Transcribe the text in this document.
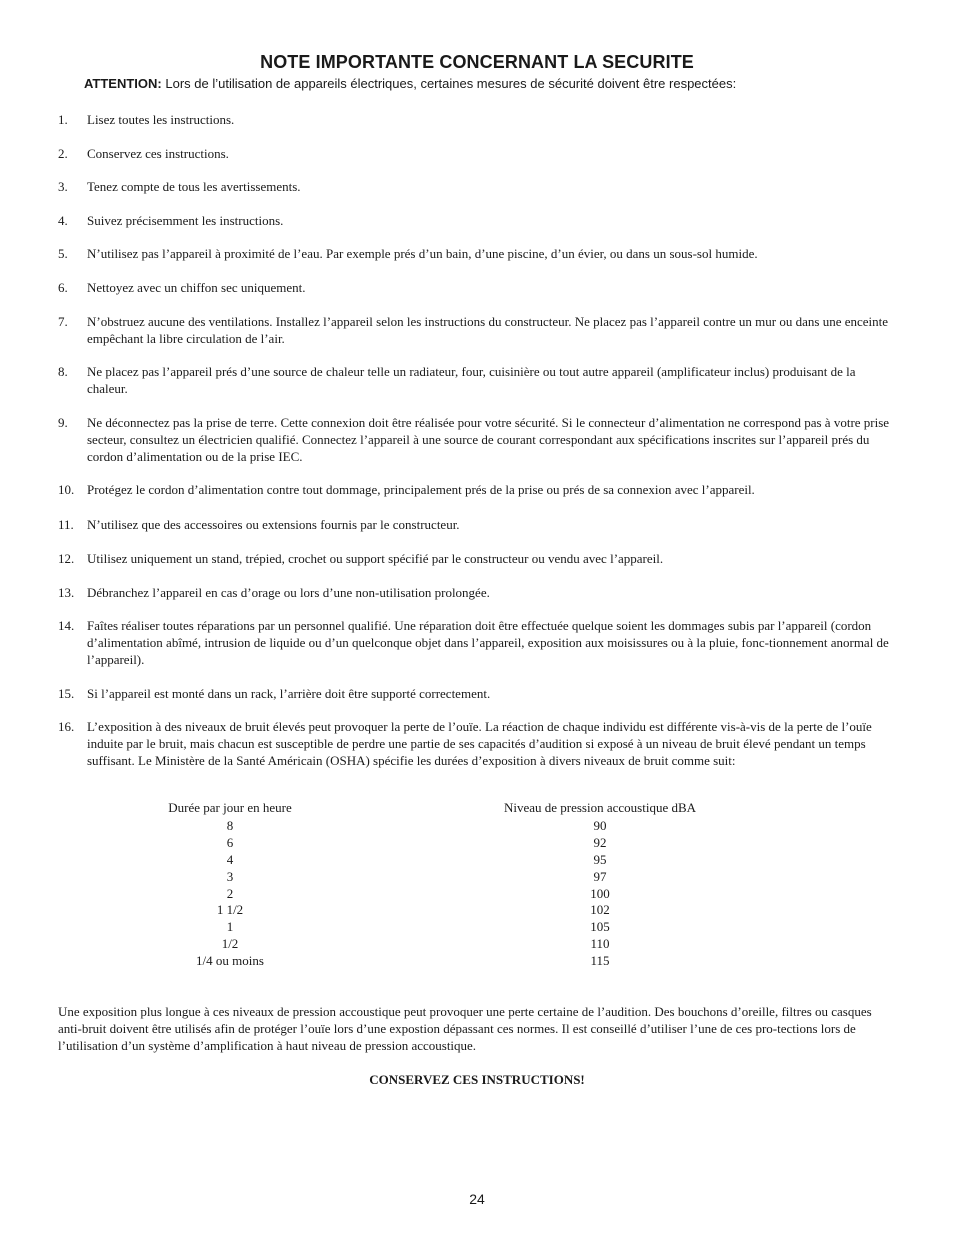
NOTE IMPORTANTE CONCERNANT LA SECURITE
ATTENTION: Lors de l’utilisation de appareils électriques, certaines mesures de sécurité doivent être respectées:
1. Lisez toutes les instructions.
2. Conservez ces instructions.
3. Tenez compte de tous les avertissements.
4. Suivez précisemment les instructions.
5. N’utilisez pas l’appareil à proximité de l’eau. Par exemple prés d’un bain, d’une piscine, d’un évier, ou dans un sous-sol humide.
6. Nettoyez avec un chiffon sec uniquement.
7. N’obstruez aucune des ventilations. Installez l’appareil selon les instructions du constructeur. Ne placez pas l’appareil contre un mur ou dans une enceinte empêchant la libre circulation de l’air.
8. Ne placez pas l’appareil prés d’une source de chaleur telle un radiateur, four, cuisinière ou tout autre appareil (amplificateur inclus) produisant de la chaleur.
9. Ne déconnectez pas la prise de terre. Cette connexion doit être réalisée pour votre sécurité. Si le connecteur d’alimentation ne correspond pas à votre prise secteur, consultez un électricien qualifié. Connectez l’appareil à une source de courant correspondant aux spécifications inscrites sur l’appareil prés du cordon d’alimentation ou de la prise IEC.
10. Protégez le cordon d’alimentation contre tout dommage, principalement prés de la prise ou prés de sa connexion avec l’appareil.
11. N’utilisez que des accessoires ou extensions fournis par le constructeur.
12. Utilisez uniquement un stand, trépied, crochet ou support spécifié par le constructeur ou vendu avec l’appareil.
13. Débranchez l’appareil en cas d’orage ou lors d’une non-utilisation prolongée.
14. Faîtes réaliser toutes réparations par un personnel qualifié. Une réparation doit être effectuée quelque soient les dommages subis par l’appareil (cordon d’alimentation abîmé, intrusion de liquide ou d’un quelconque objet dans l’appareil, exposition aux moisissures ou à la pluie, fonc-tionnement anormal de l’appareil).
15. Si l’appareil est monté dans un rack, l’arrière doit être supporté correctement.
16. L’exposition à des niveaux de bruit élevés peut provoquer la perte de l’ouïe. La réaction de chaque individu est différente vis-à-vis de la perte de l’ouïe induite par le bruit, mais chacun est susceptible de perdre une partie de ses capacités d’audition si exposé à un niveau de bruit élevé pendant un temps suffisant. Le Ministère de la Santé Américain (OSHA) spécifie les durées d’exposition à divers niveaux de bruit comme suit:
Durée par jour en heure	Niveau de pression accoustique dBA
8	90
6	92
4	95
3	97
2	100
1 1/2	102
1	105
1/2	110
1/4 ou moins	115
Une exposition plus longue à ces niveaux de pression accoustique peut provoquer une perte certaine de l’audition. Des bouchons d’oreille, filtres ou casques anti-bruit doivent être utilisés afin de protéger l’ouïe lors d’une expostion dépassant ces normes. Il est conseillé d’utiliser l’une de ces pro-tections lors de l’utilisation d’un système d’amplification à haut niveau de pression accoustique.
CONSERVEZ CES INSTRUCTIONS!
24
